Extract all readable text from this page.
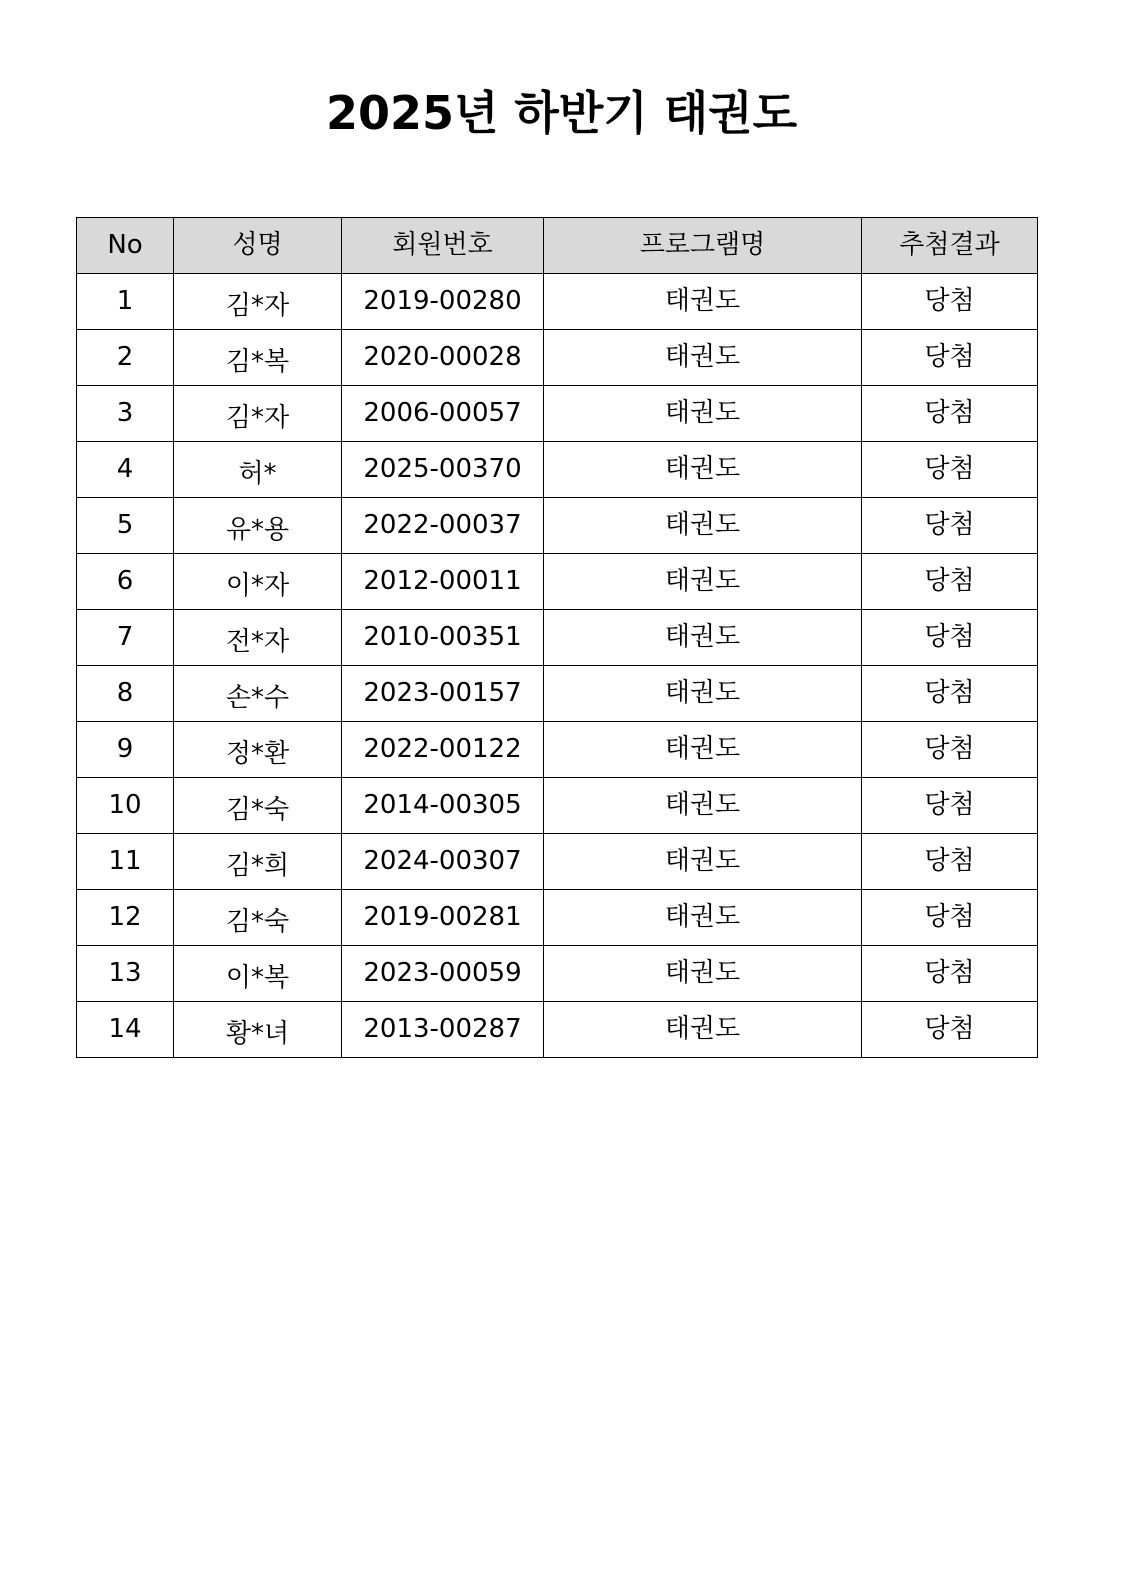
2025년 하반기 태권도
No	성명	회원번호	프로그램명	추첨결과
1	김*자	2019-00280	태권도	당첨
2	김*복	2020-00028	태권도	당첨
3	김*자	2006-00057	태권도	당첨
4	허*	2025-00370	태권도	당첨
5	유*용	2022-00037	태권도	당첨
6	이*자	2012-00011	태권도	당첨
7	전*자	2010-00351	태권도	당첨
8	손*수	2023-00157	태권도	당첨
9	정*환	2022-00122	태권도	당첨
10	김*숙	2014-00305	태권도	당첨
11	김*희	2024-00307	태권도	당첨
12	김*숙	2019-00281	태권도	당첨
13	이*복	2023-00059	태권도	당첨
14	황*녀	2013-00287	태권도	당첨
